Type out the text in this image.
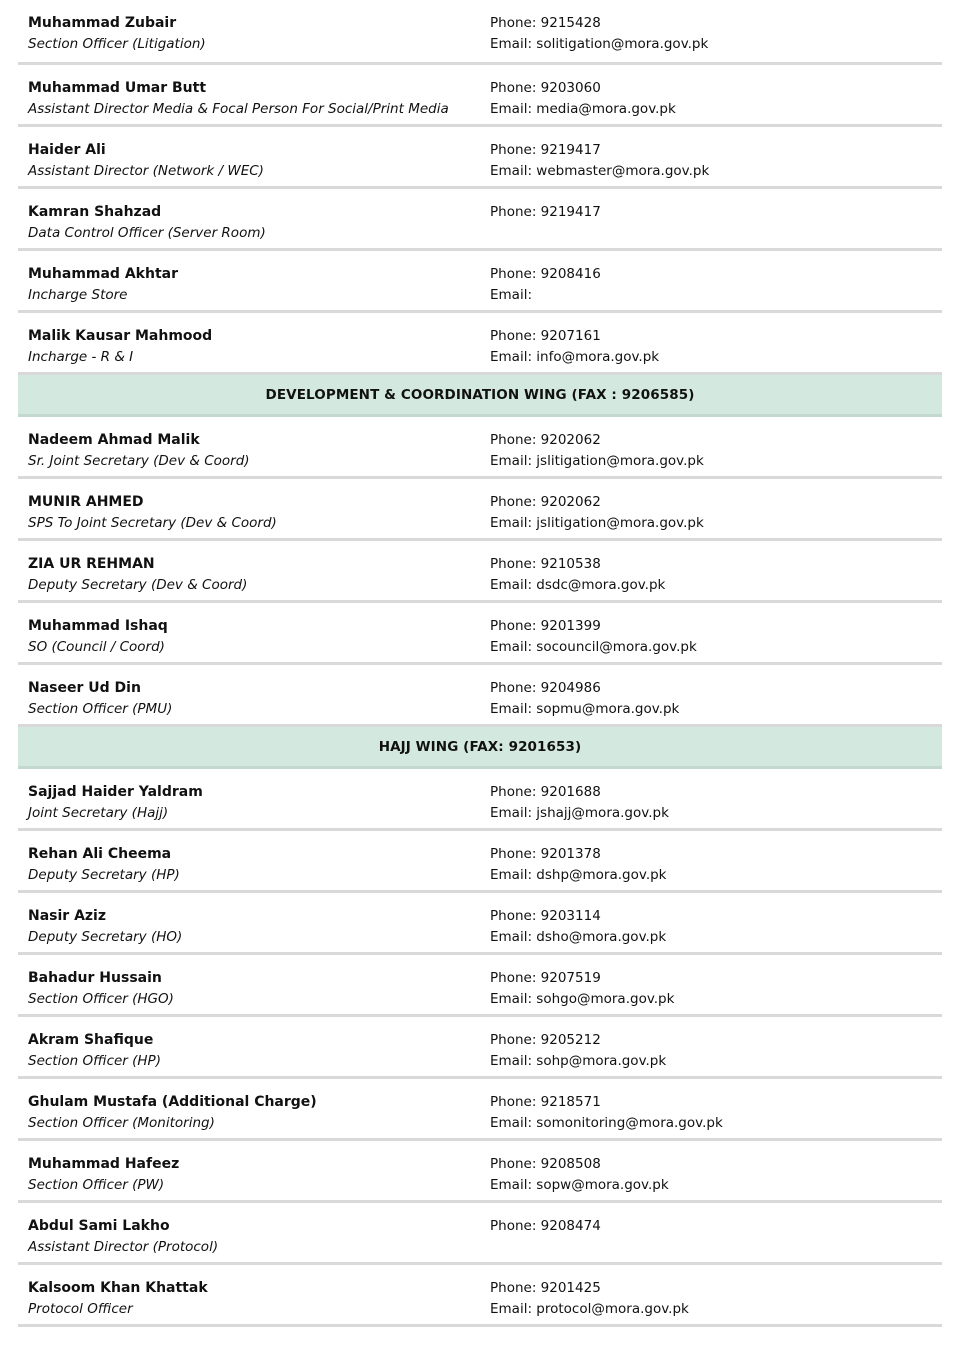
Muhammad Zubair
Section Officer (Litigation)
Phone: 9215428
Email: solitigation@mora.gov.pk
Muhammad Umar Butt
Assistant Director Media & Focal Person For Social/Print Media
Phone: 9203060
Email: media@mora.gov.pk
Haider Ali
Assistant Director (Network / WEC)
Phone: 9219417
Email: webmaster@mora.gov.pk
Kamran Shahzad
Data Control Officer (Server Room)
Phone: 9219417
Muhammad Akhtar
Incharge Store
Phone: 9208416
Email:
Malik Kausar Mahmood
Incharge - R & I
Phone: 9207161
Email: info@mora.gov.pk
DEVELOPMENT & COORDINATION WING (FAX : 9206585)
Nadeem Ahmad Malik
Sr. Joint Secretary (Dev & Coord)
Phone: 9202062
Email: jslitigation@mora.gov.pk
MUNIR AHMED
SPS To Joint Secretary (Dev & Coord)
Phone: 9202062
Email: jslitigation@mora.gov.pk
ZIA UR REHMAN
Deputy Secretary (Dev & Coord)
Phone: 9210538
Email: dsdc@mora.gov.pk
Muhammad Ishaq
SO (Council / Coord)
Phone: 9201399
Email: socouncil@mora.gov.pk
Naseer Ud Din
Section Officer (PMU)
Phone: 9204986
Email: sopmu@mora.gov.pk
HAJJ WING (FAX: 9201653)
Sajjad Haider Yaldram
Joint Secretary (Hajj)
Phone: 9201688
Email: jshajj@mora.gov.pk
Rehan Ali Cheema
Deputy Secretary (HP)
Phone: 9201378
Email: dshp@mora.gov.pk
Nasir Aziz
Deputy Secretary (HO)
Phone: 9203114
Email: dsho@mora.gov.pk
Bahadur Hussain
Section Officer (HGO)
Phone: 9207519
Email: sohgo@mora.gov.pk
Akram Shafique
Section Officer (HP)
Phone: 9205212
Email: sohp@mora.gov.pk
Ghulam Mustafa (Additional Charge)
Section Officer (Monitoring)
Phone: 9218571
Email: somonitoring@mora.gov.pk
Muhammad Hafeez
Section Officer (PW)
Phone: 9208508
Email: sopw@mora.gov.pk
Abdul Sami Lakho
Assistant Director (Protocol)
Phone: 9208474
Kalsoom Khan Khattak
Protocol Officer
Phone: 9201425
Email: protocol@mora.gov.pk
